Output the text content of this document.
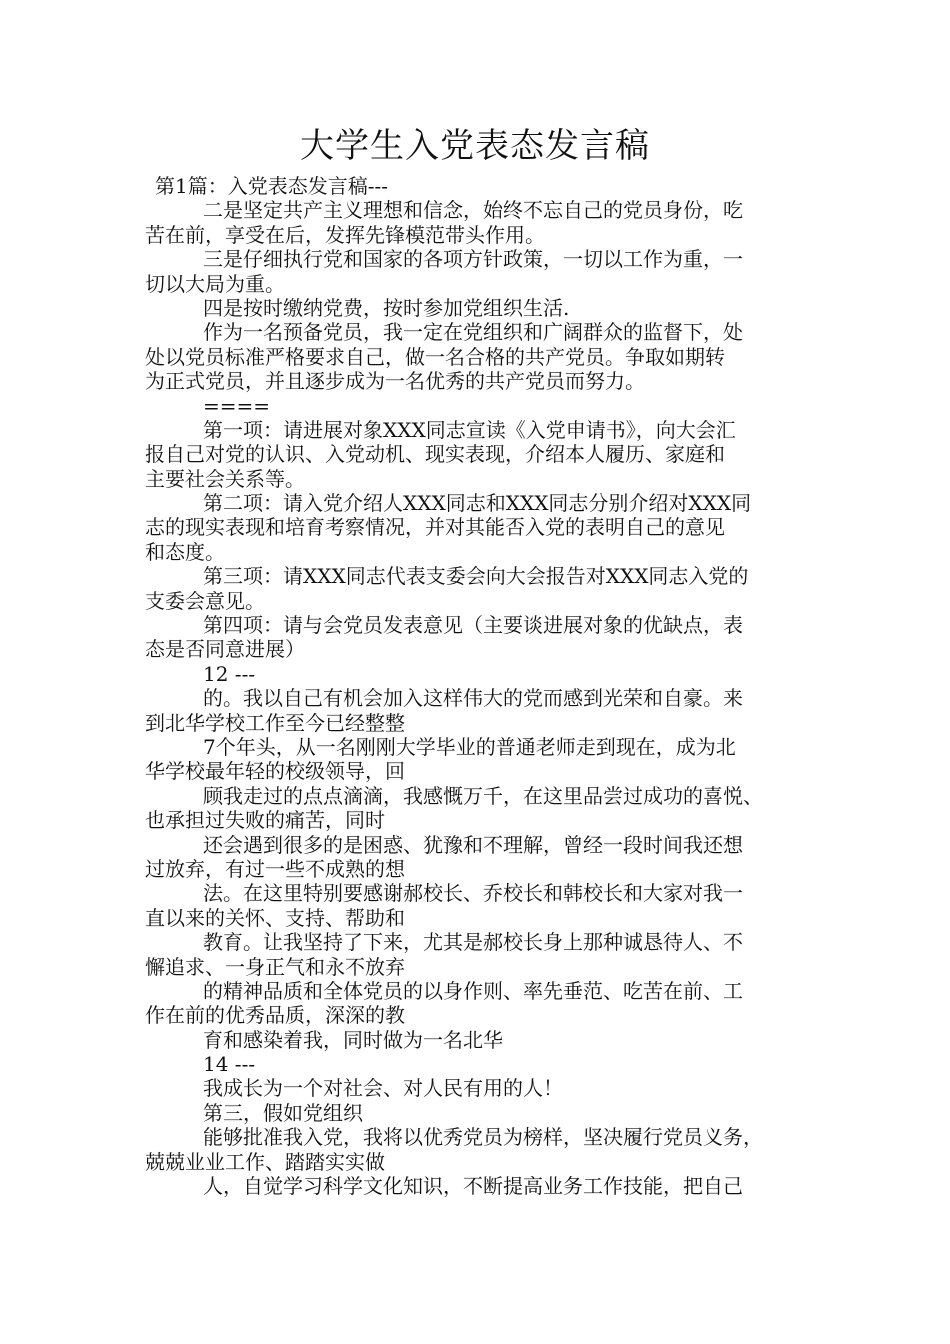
大学生入党表态发言稿
第1篇：入党表态发言稿---
二是坚定共产主义理想和信念，始终不忘自己的党员身份，吃
苦在前，享受在后，发挥先锋模范带头作用。
三是仔细执行党和国家的各项方针政策，一切以工作为重，一
切以大局为重。
四是按时缴纳党费，按时参加党组织生活.
作为一名预备党员，我一定在党组织和广阔群众的监督下，处
处以党员标准严格要求自己，做一名合格的共产党员。争取如期转
为正式党员，并且逐步成为一名优秀的共产党员而努力。
====
第一项：请进展对象XXX同志宣读《入党申请书》，向大会汇
报自己对党的认识、入党动机、现实表现，介绍本人履历、家庭和
主要社会关系等。
第二项：请入党介绍人XXX同志和XXX同志分别介绍对XXX同
志的现实表现和培育考察情况，并对其能否入党的表明自己的意见
和态度。
第三项：请XXX同志代表支委会向大会报告对XXX同志入党的
支委会意见。
第四项：请与会党员发表意见（主要谈进展对象的优缺点，表
态是否同意进展）
12 ---
的。我以自己有机会加入这样伟大的党而感到光荣和自豪。来
到北华学校工作至今已经整整
7个年头，从一名刚刚大学毕业的普通老师走到现在，成为北
华学校最年轻的校级领导，回
顾我走过的点点滴滴，我感慨万千，在这里品尝过成功的喜悦、
也承担过失败的痛苦，同时
还会遇到很多的是困惑、犹豫和不理解，曾经一段时间我还想
过放弃，有过一些不成熟的想
法。在这里特别要感谢郝校长、乔校长和韩校长和大家对我一
直以来的关怀、支持、帮助和
教育。让我坚持了下来，尤其是郝校长身上那种诚恳待人、不
懈追求、一身正气和永不放弃
的精神品质和全体党员的以身作则、率先垂范、吃苦在前、工
作在前的优秀品质，深深的教
育和感染着我，同时做为一名北华
14 ---
我成长为一个对社会、对人民有用的人！
第三，假如党组织
能够批准我入党，我将以优秀党员为榜样，坚决履行党员义务，
兢兢业业工作、踏踏实实做
人，自觉学习科学文化知识，不断提高业务工作技能，把自己
